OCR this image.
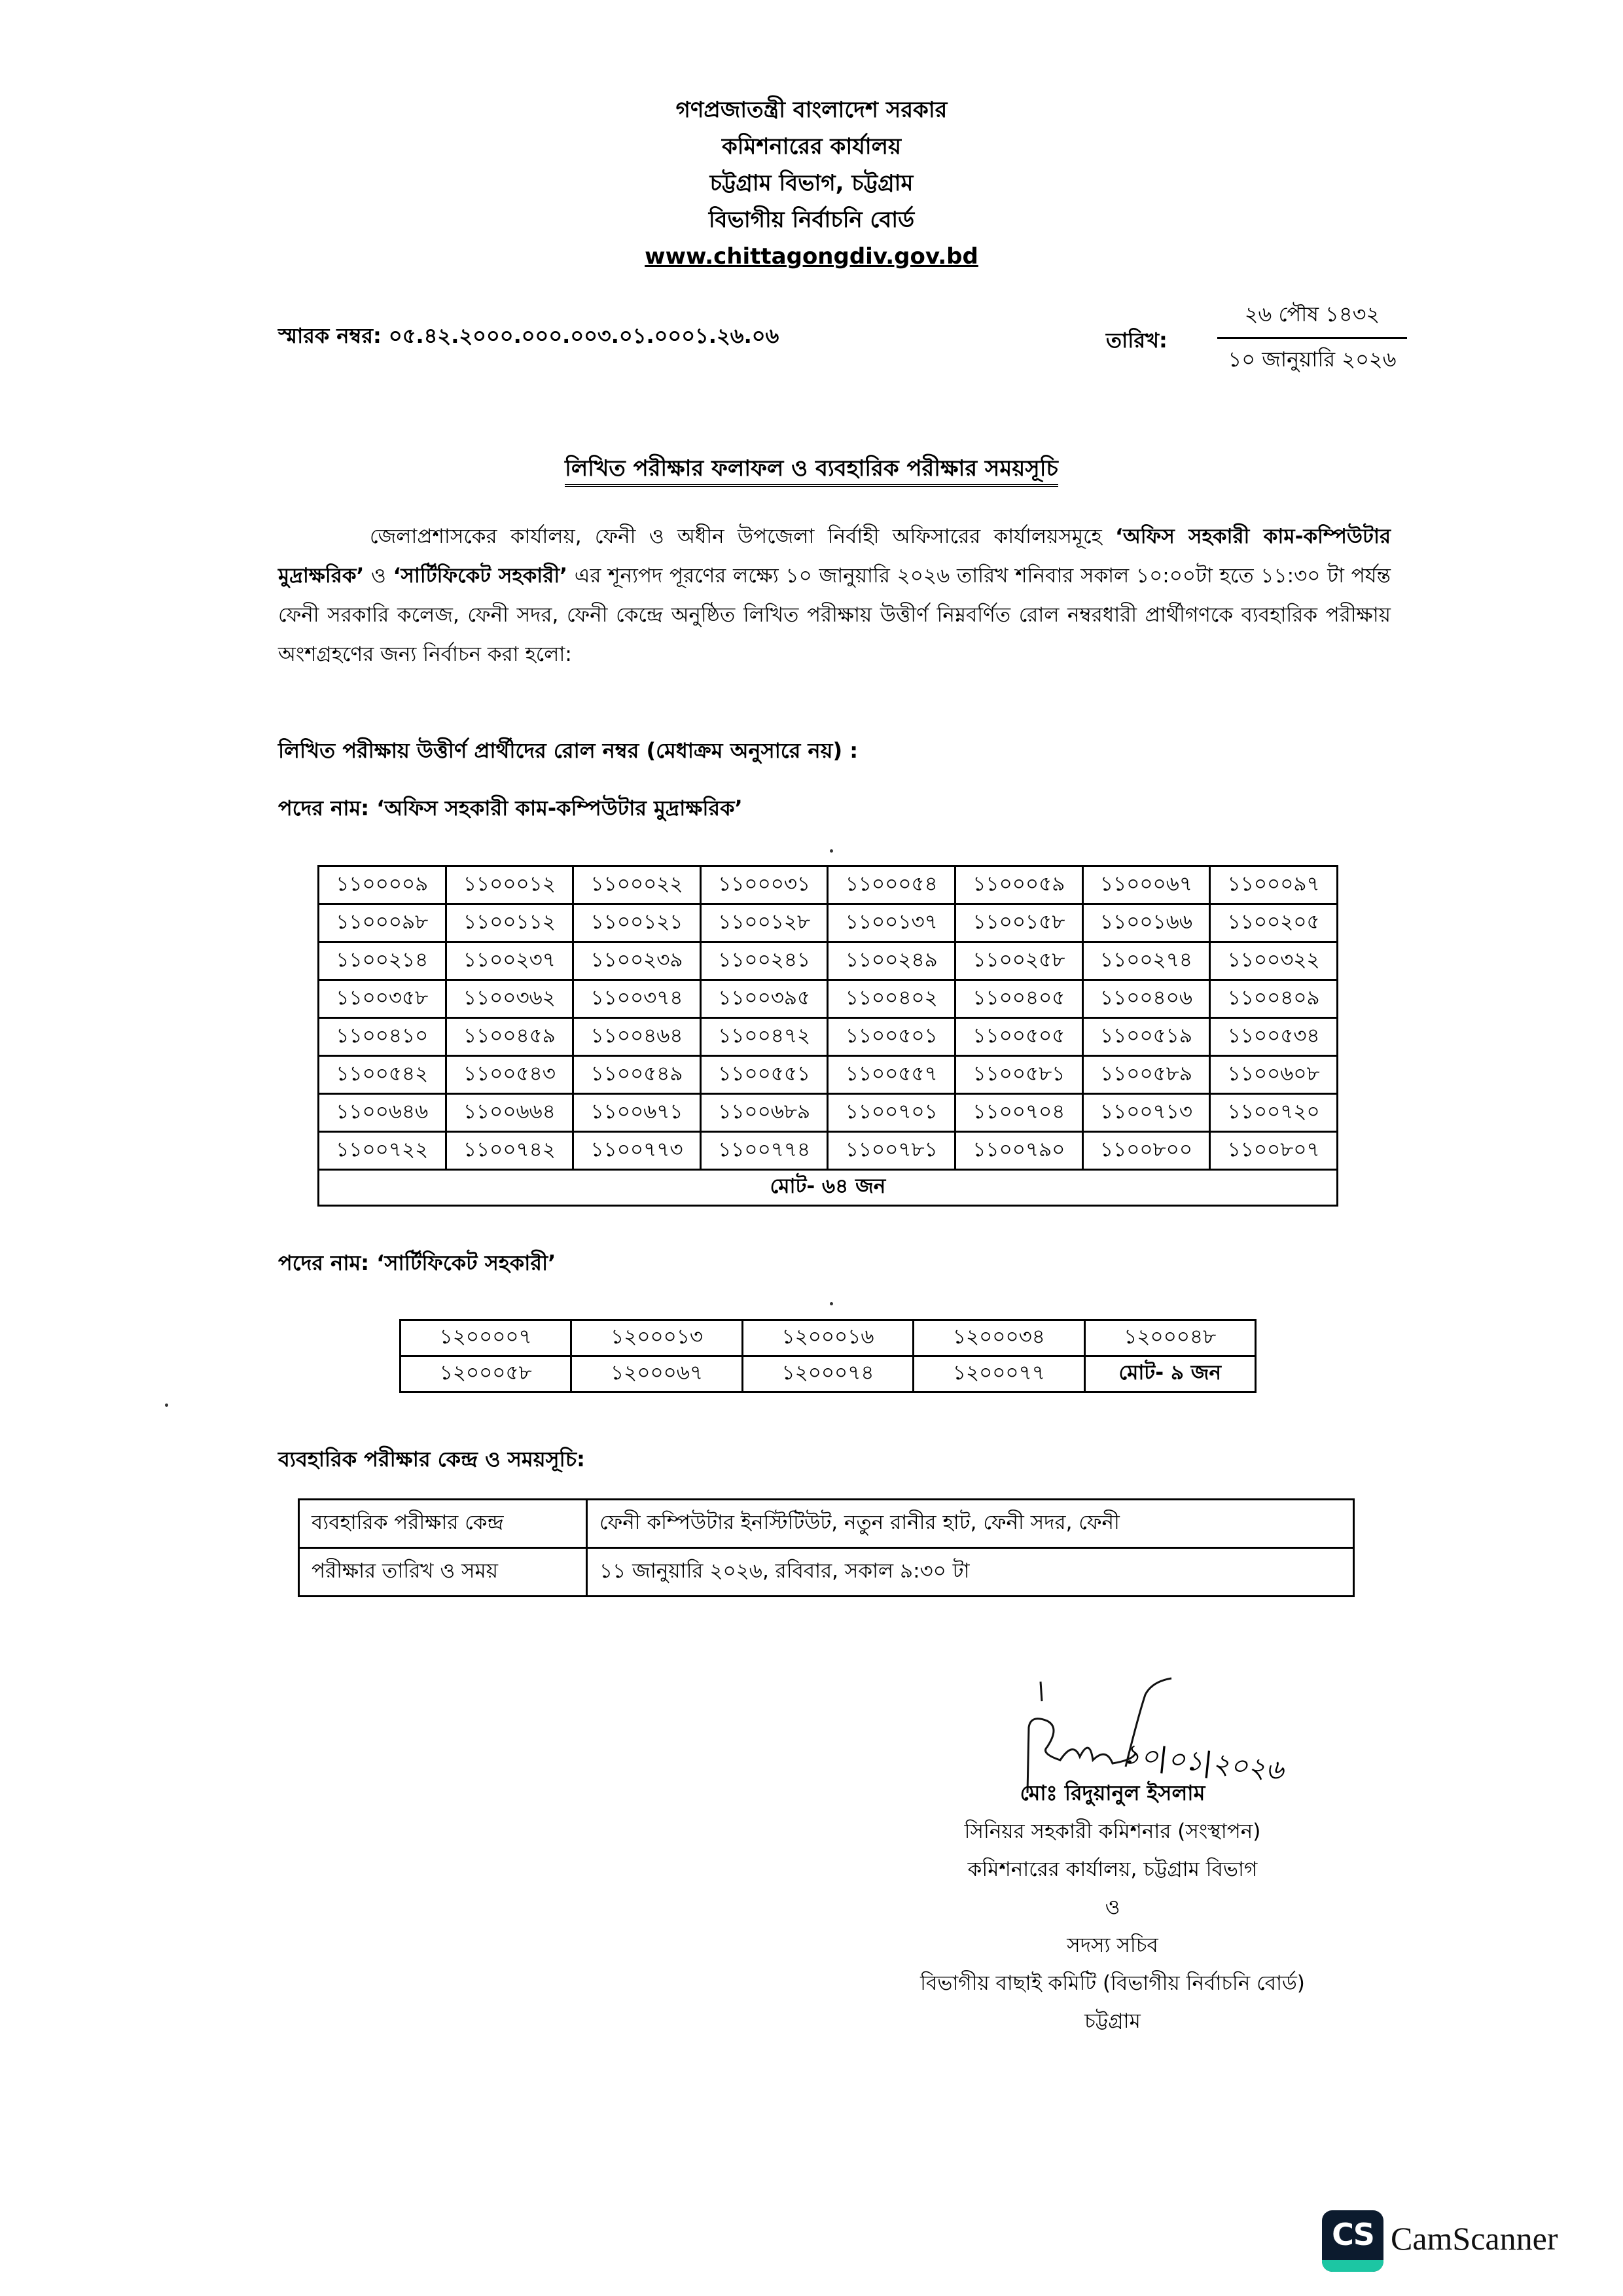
গণপ্রজাতন্ত্রী বাংলাদেশ সরকার
কমিশনারের কার্যালয়
চট্টগ্রাম বিভাগ, চট্টগ্রাম
বিভাগীয় নির্বাচনি বোর্ড
www.chittagongdiv.gov.bd
স্মারক নম্বর: ০৫.৪২.২০০০.০০০.০০৩.০১.০০০১.২৬.০৬	তারিখ:
২৬ পৌষ ১৪৩২
১০ জানুয়ারি ২০২৬
লিখিত পরীক্ষার ফলাফল ও ব্যবহারিক পরীক্ষার সময়সূচি
জেলাপ্রশাসকের কার্যালয়, ফেনী ও অধীন উপজেলা নির্বাহী অফিসারের কার্যালয়সমূহে ‘অফিস সহকারী কাম-কম্পিউটার মুদ্রাক্ষরিক’ ও ‘সার্টিফিকেট সহকারী’ এর শূন্যপদ পূরণের লক্ষ্যে ১০ জানুয়ারি ২০২৬ তারিখ শনিবার সকাল ১০:০০টা হতে ১১:৩০ টা পর্যন্ত ফেনী সরকারি কলেজ, ফেনী সদর, ফেনী কেন্দ্রে অনুষ্ঠিত লিখিত পরীক্ষায় উত্তীর্ণ নিম্নবর্ণিত রোল নম্বরধারী প্রার্থীগণকে ব্যবহারিক পরীক্ষায় অংশগ্রহণের জন্য নির্বাচন করা হলো:
লিখিত পরীক্ষায় উত্তীর্ণ প্রার্থীদের রোল নম্বর (মেধাক্রম অনুসারে নয়) :
পদের নাম: ‘অফিস সহকারী কাম-কম্পিউটার মুদ্রাক্ষরিক’
১১০০০০৯	১১০০০১২	১১০০০২২	১১০০০৩১	১১০০০৫৪	১১০০০৫৯	১১০০০৬৭	১১০০০৯৭
১১০০০৯৮	১১০০১১২	১১০০১২১	১১০০১২৮	১১০০১৩৭	১১০০১৫৮	১১০০১৬৬	১১০০২০৫
১১০০২১৪	১১০০২৩৭	১১০০২৩৯	১১০০২৪১	১১০০২৪৯	১১০০২৫৮	১১০০২৭৪	১১০০৩২২
১১০০৩৫৮	১১০০৩৬২	১১০০৩৭৪	১১০০৩৯৫	১১০০৪০২	১১০০৪০৫	১১০০৪০৬	১১০০৪০৯
১১০০৪১০	১১০০৪৫৯	১১০০৪৬৪	১১০০৪৭২	১১০০৫০১	১১০০৫০৫	১১০০৫১৯	১১০০৫৩৪
১১০০৫৪২	১১০০৫৪৩	১১০০৫৪৯	১১০০৫৫১	১১০০৫৫৭	১১০০৫৮১	১১০০৫৮৯	১১০০৬০৮
১১০০৬৪৬	১১০০৬৬৪	১১০০৬৭১	১১০০৬৮৯	১১০০৭০১	১১০০৭০৪	১১০০৭১৩	১১০০৭২০
১১০০৭২২	১১০০৭৪২	১১০০৭৭৩	১১০০৭৭৪	১১০০৭৮১	১১০০৭৯০	১১০০৮০০	১১০০৮০৭
মোট- ৬৪ জন							
পদের নাম: ‘সার্টিফিকেট সহকারী’
১২০০০০৭	১২০০০১৩	১২০০০১৬	১২০০০৩৪	১২০০০৪৮
১২০০০৫৮	১২০০০৬৭	১২০০০৭৪	১২০০০৭৭	মোট- ৯ জন
ব্যবহারিক পরীক্ষার কেন্দ্র ও সময়সূচি:
ব্যবহারিক পরীক্ষার কেন্দ্র	ফেনী কম্পিউটার ইনস্টিটিউট, নতুন রানীর হাট, ফেনী সদর, ফেনী
পরীক্ষার তারিখ ও সময়	১১ জানুয়ারি ২০২৬, রবিবার, সকাল ৯:৩০ টা
১০|০১|২০২৬
মোঃ রিদুয়ানুল ইসলাম
সিনিয়র সহকারী কমিশনার (সংস্থাপন)
কমিশনারের কার্যালয়, চট্টগ্রাম বিভাগ
ও
সদস্য সচিব
বিভাগীয় বাছাই কমিটি (বিভাগীয় নির্বাচনি বোর্ড)
চট্টগ্রাম
CS CamScanner
